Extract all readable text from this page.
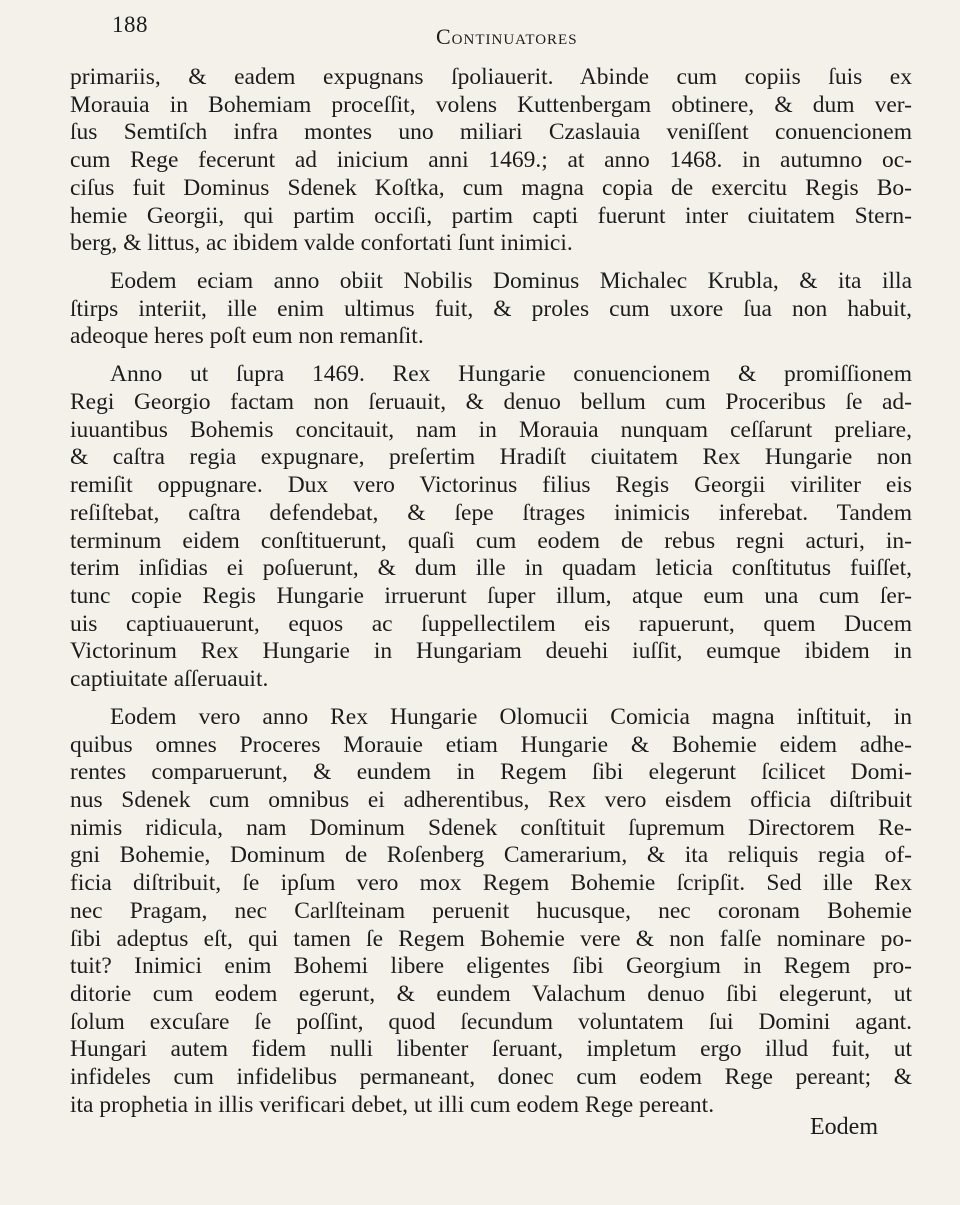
188	Continuatores
primariis, & eadem expugnans ſpoliauerit. Abinde cum copiis ſuis ex
Morauia in Bohemiam proceſſit, volens Kuttenbergam obtinere, & dum ver-
ſus Semtiſch infra montes uno miliari Czaslauia veniſſent conuencionem
cum Rege fecerunt ad inicium anni 1469.; at anno 1468. in autumno oc-
ciſus fuit Dominus Sdenek Koſtka, cum magna copia de exercitu Regis Bo-
hemie Georgii, qui partim occiſi, partim capti fuerunt inter ciuitatem Stern-
berg, & littus, ac ibidem valde confortati ſunt inimici.
Eodem eciam anno obiit Nobilis Dominus Michalec Krubla, & ita illa
ſtirps interiit, ille enim ultimus fuit, & proles cum uxore ſua non habuit,
adeoque heres poſt eum non remanſit.
Anno ut ſupra 1469. Rex Hungarie conuencionem & promiſſionem
Regi Georgio factam non ſeruauit, & denuo bellum cum Proceribus ſe ad-
iuuantibus Bohemis concitauit, nam in Morauia nunquam ceſſarunt preliare,
& caſtra regia expugnare, preſertim Hradiſt ciuitatem Rex Hungarie non
remiſit oppugnare. Dux vero Victorinus filius Regis Georgii viriliter eis
reſiſtebat, caſtra defendebat, & ſepe ſtrages inimicis inferebat. Tandem
terminum eidem conſtituerunt, quaſi cum eodem de rebus regni acturi, in-
terim inſidias ei poſuerunt, & dum ille in quadam leticia conſtitutus fuiſſet,
tunc copie Regis Hungarie irruerunt ſuper illum, atque eum una cum ſer-
uis captiuauerunt, equos ac ſuppellectilem eis rapuerunt, quem Ducem
Victorinum Rex Hungarie in Hungariam deuehi iuſſit, eumque ibidem in
captiuitate aſſeruauit.
Eodem vero anno Rex Hungarie Olomucii Comicia magna inſtituit, in
quibus omnes Proceres Morauie etiam Hungarie & Bohemie eidem adhe-
rentes comparuerunt, & eundem in Regem ſibi elegerunt ſcilicet Domi-
nus Sdenek cum omnibus ei adherentibus, Rex vero eisdem officia diſtribuit
nimis ridicula, nam Dominum Sdenek conſtituit ſupremum Directorem Re-
gni Bohemie, Dominum de Roſenberg Camerarium, & ita reliquis regia of-
ficia diſtribuit, ſe ipſum vero mox Regem Bohemie ſcripſit. Sed ille Rex
nec Pragam, nec Carlſteinam peruenit hucusque, nec coronam Bohemie
ſibi adeptus eſt, qui tamen ſe Regem Bohemie vere & non falſe nominare po-
tuit? Inimici enim Bohemi libere eligentes ſibi Georgium in Regem pro-
ditorie cum eodem egerunt, & eundem Valachum denuo ſibi elegerunt, ut
ſolum excuſare ſe poſſint, quod ſecundum voluntatem ſui Domini agant.
Hungari autem fidem nulli libenter ſeruant, impletum ergo illud fuit, ut
infideles cum infidelibus permaneant, donec cum eodem Rege pereant; &
ita prophetia in illis verificari debet, ut illi cum eodem Rege pereant.
Eodem
